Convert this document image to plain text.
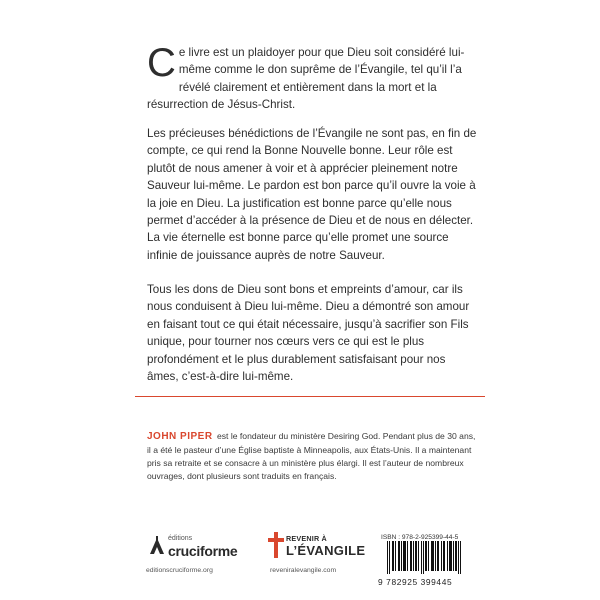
Ce livre est un plaidoyer pour que Dieu soit considéré lui-même comme le don suprême de l’Évangile, tel qu’il l’a révélé clairement et entièrement dans la mort et la résurrection de Jésus-Christ.
Les précieuses bénédictions de l’Évangile ne sont pas, en fin de compte, ce qui rend la Bonne Nouvelle bonne. Leur rôle est plutôt de nous amener à voir et à apprécier pleinement notre Sauveur lui-même. Le pardon est bon parce qu’il ouvre la voie à la joie en Dieu. La justification est bonne parce qu’elle nous permet d’accéder à la présence de Dieu et de nous en délecter. La vie éternelle est bonne parce qu’elle promet une source infinie de jouissance auprès de notre Sauveur.
Tous les dons de Dieu sont bons et empreints d’amour, car ils nous conduisent à Dieu lui-même. Dieu a démontré son amour en faisant tout ce qui était nécessaire, jusqu’à sacrifier son Fils unique, pour tourner nos cœurs vers ce qui est le plus profondément et le plus durablement satisfaisant pour nos âmes, c’est-à-dire lui-même.
JOHN PIPER est le fondateur du ministère Desiring God. Pendant plus de 30 ans, il a été le pasteur d’une Église baptiste à Minneapolis, aux États-Unis. Il a maintenant pris sa retraite et se consacre à un ministère plus élargi. Il est l’auteur de nombreux ouvrages, dont plusieurs sont traduits en français.
éditions
cruciforme
editionscruciforme.org
REVENIR À
L’ÉVANGILE
reveniralevangile.com
ISBN : 978-2-925399-44-5
9 782925 399445
